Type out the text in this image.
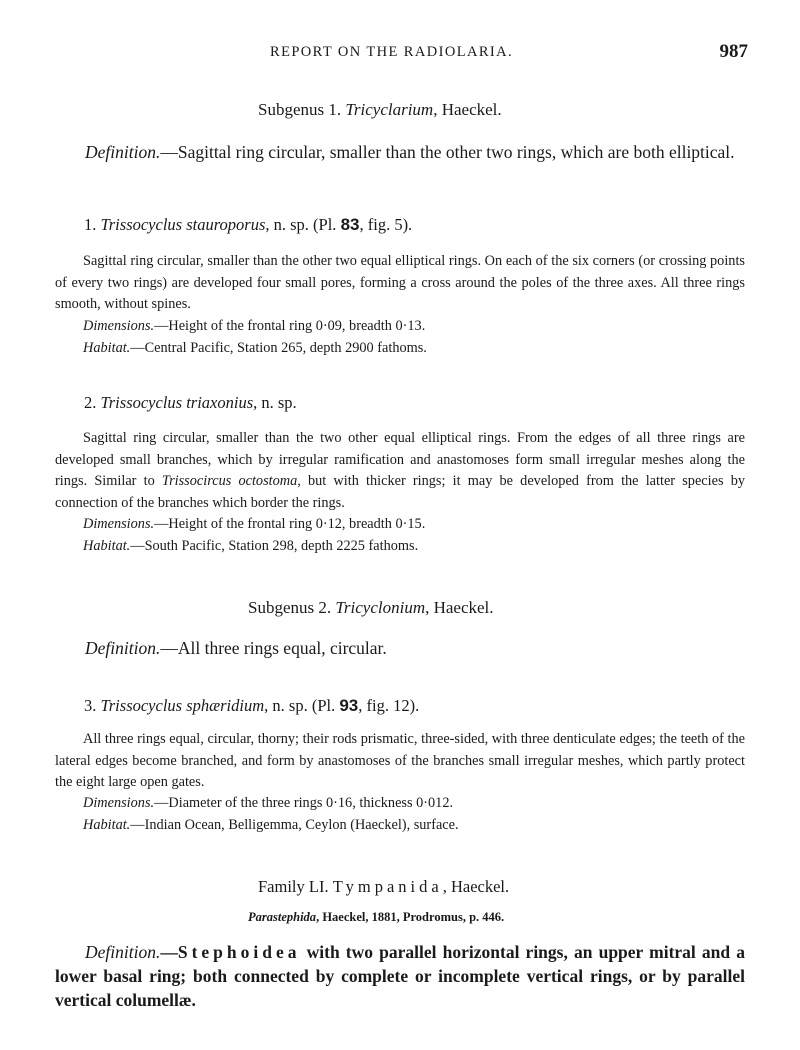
REPORT ON THE RADIOLARIA.	987
Subgenus 1. Tricyclarium, Haeckel.
Definition.—Sagittal ring circular, smaller than the other two rings, which are both elliptical.
1. Trissocyclus stauroporus, n. sp. (Pl. 83, fig. 5).
Sagittal ring circular, smaller than the other two equal elliptical rings. On each of the six corners (or crossing points of every two rings) are developed four small pores, forming a cross around the poles of the three axes. All three rings smooth, without spines.
Dimensions.—Height of the frontal ring 0·09, breadth 0·13.
Habitat.—Central Pacific, Station 265, depth 2900 fathoms.
2. Trissocyclus triaxonius, n. sp.
Sagittal ring circular, smaller than the two other equal elliptical rings. From the edges of all three rings are developed small branches, which by irregular ramification and anastomoses form small irregular meshes along the rings. Similar to Trissocircus octostoma, but with thicker rings; it may be developed from the latter species by connection of the branches which border the rings.
Dimensions.—Height of the frontal ring 0·12, breadth 0·15.
Habitat.—South Pacific, Station 298, depth 2225 fathoms.
Subgenus 2. Tricyclonium, Haeckel.
Definition.—All three rings equal, circular.
3. Trissocyclus sphæridium, n. sp. (Pl. 93, fig. 12).
All three rings equal, circular, thorny; their rods prismatic, three-sided, with three denticulate edges; the teeth of the lateral edges become branched, and form by anastomoses of the branches small irregular meshes, which partly protect the eight large open gates.
Dimensions.—Diameter of the three rings 0·16, thickness 0·012.
Habitat.—Indian Ocean, Belligemma, Ceylon (Haeckel), surface.
Family LI. Tympanida, Haeckel.
Parastephida, Haeckel, 1881, Prodromus, p. 446.
Definition.—Stephoidea with two parallel horizontal rings, an upper mitral and a lower basal ring; both connected by complete or incomplete vertical rings, or by parallel vertical columellæ.
